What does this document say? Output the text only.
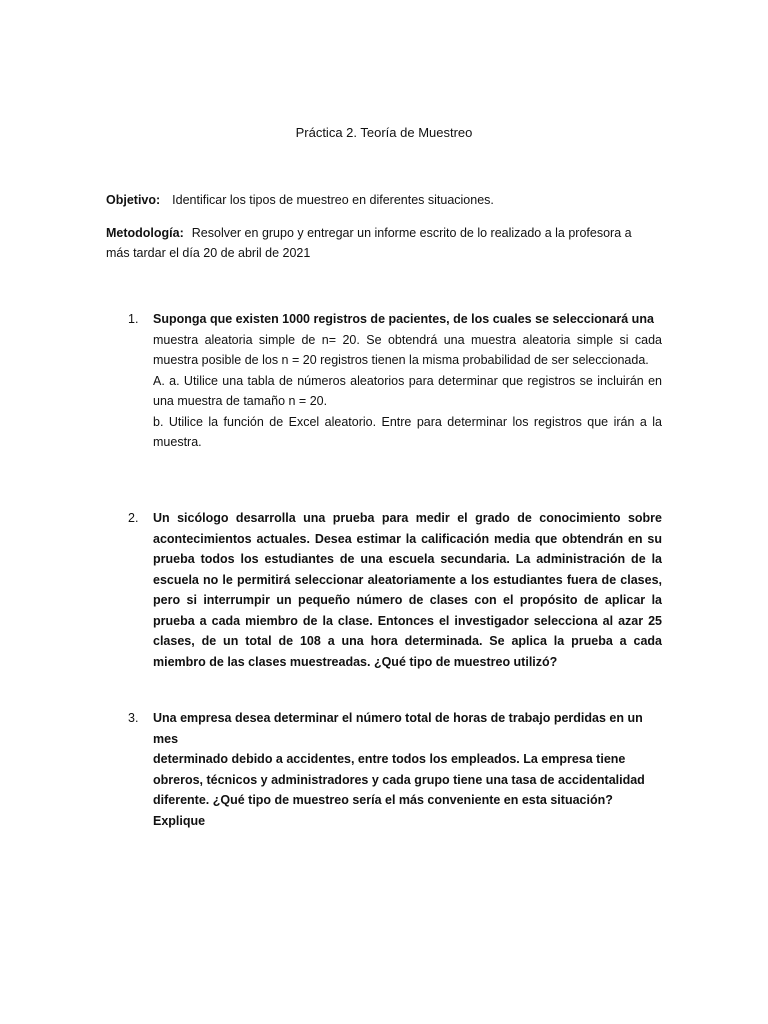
Práctica 2. Teoría de Muestreo
Objetivo: Identificar los tipos de muestreo en diferentes situaciones.
Metodología: Resolver en grupo y entregar un informe escrito de lo realizado a la profesora a más tardar el día 20 de abril de 2021
1. Suponga que existen 1000 registros de pacientes, de los cuales se seleccionará una

muestra aleatoria simple de n= 20. Se obtendrá una muestra aleatoria simple si cada muestra posible de los n = 20 registros tienen la misma probabilidad de ser seleccionada.

A. a. Utilice una tabla de números aleatorios para determinar que registros se incluirán en una muestra de tamaño n = 20.

b. Utilice la función de Excel aleatorio. Entre para determinar los registros que irán a la muestra.

2. Un sicólogo desarrolla una prueba para medir el grado de conocimiento sobre acontecimientos actuales. Desea estimar la calificación media que obtendrán en su prueba todos los estudiantes de una escuela secundaria. La administración de la escuela no le permitirá seleccionar aleatoriamente a los estudiantes fuera de clases, pero si interrumpir un pequeño número de clases con el propósito de aplicar la prueba a cada miembro de la clase. Entonces el investigador selecciona al azar 25 clases, de un total de 108 a una hora determinada. Se aplica la prueba a cada miembro de las clases muestreadas. ¿Qué tipo de muestreo utilizó?

3. Una empresa desea determinar el número total de horas de trabajo perdidas en un mes

determinado debido a accidentes, entre todos los empleados. La empresa tiene obreros, técnicos y administradores y cada grupo tiene una tasa de accidentalidad diferente. ¿Qué tipo de muestreo sería el más conveniente en esta situación? Explique
